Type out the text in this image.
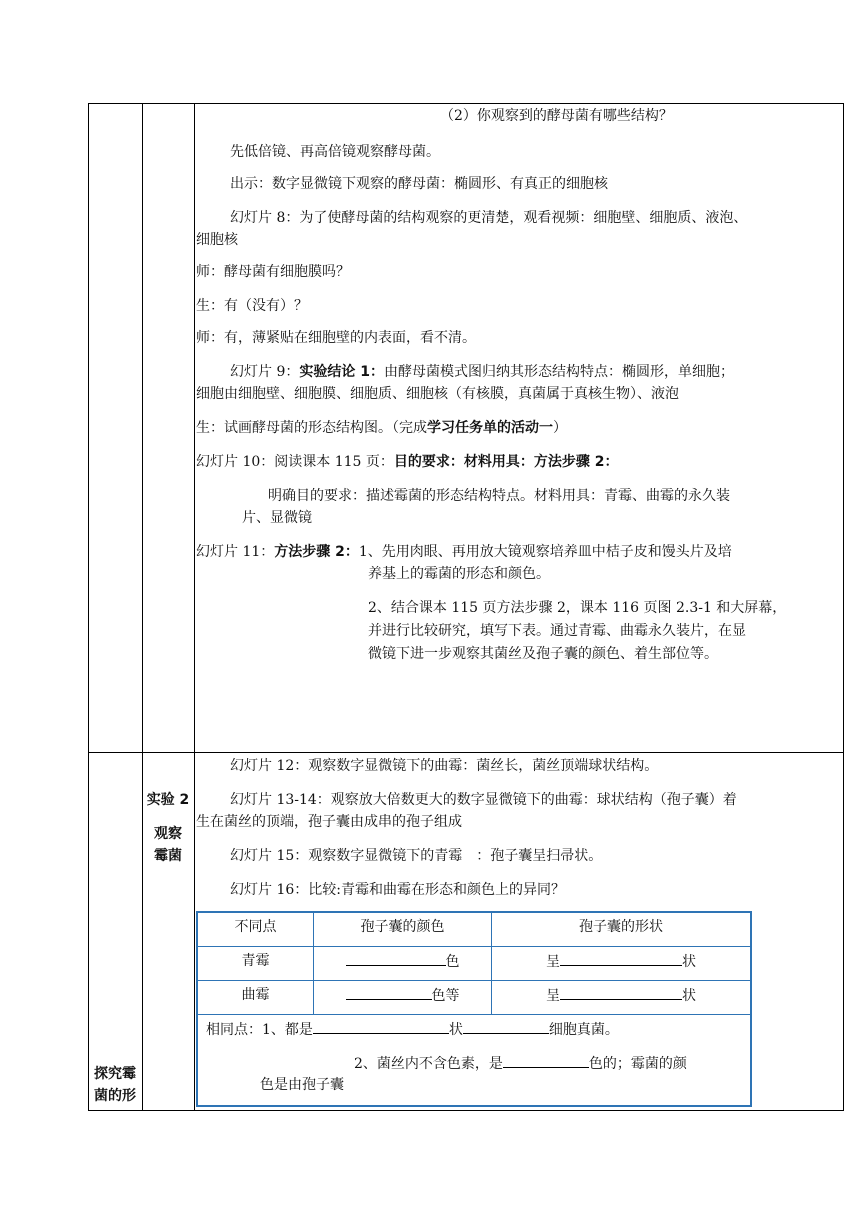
（2）你观察到的酵母菌有哪些结构？
先低倍镜、再高倍镜观察酵母菌。
出示：数字显微镜下观察的酵母菌：椭圆形、有真正的细胞核
幻灯片 8：为了使酵母菌的结构观察的更清楚，观看视频：细胞壁、细胞质、液泡、
细胞核
师：酵母菌有细胞膜吗？
生：有（没有）？
师：有，薄紧贴在细胞壁的内表面，看不清。
幻灯片 9：实验结论 1：由酵母菌模式图归纳其形态结构特点：椭圆形，单细胞；
细胞由细胞壁、细胞膜、细胞质、细胞核（有核膜，真菌属于真核生物）、液泡
生：试画酵母菌的形态结构图。（完成学习任务单的活动一）
幻灯片 10：阅读课本 115 页：目的要求：材料用具：方法步骤 2：
明确目的要求：描述霉菌的形态结构特点。材料用具：青霉、曲霉的永久装
片、显微镜
幻灯片 11：方法步骤 2：1、先用肉眼、再用放大镜观察培养皿中桔子皮和馒头片及培
养基上的霉菌的形态和颜色。
2、结合课本 115 页方法步骤 2，课本 116 页图 2.3-1 和大屏幕，
并进行比较研究，填写下表。通过青霉、曲霉永久装片，在显
微镜下进一步观察其菌丝及孢子囊的颜色、着生部位等。
实验 2
观察
霉菌
探究霉
菌的形
幻灯片 12：观察数字显微镜下的曲霉：菌丝长，菌丝顶端球状结构。
幻灯片 13-14：观察放大倍数更大的数字显微镜下的曲霉：球状结构（孢子囊）着
生在菌丝的顶端，孢子囊由成串的孢子组成
幻灯片 15：观察数字显微镜下的青霉　：孢子囊呈扫帚状。
幻灯片 16：比较:青霉和曲霉在形态和颜色上的异同？
不同点	孢子囊的颜色	孢子囊的形状
青霉	色	呈	状
曲霉	色等	呈	状
相同点：1、都是	状	细胞真菌。
2、菌丝内不含色素，是	色的；霉菌的颜
色是由孢子囊
